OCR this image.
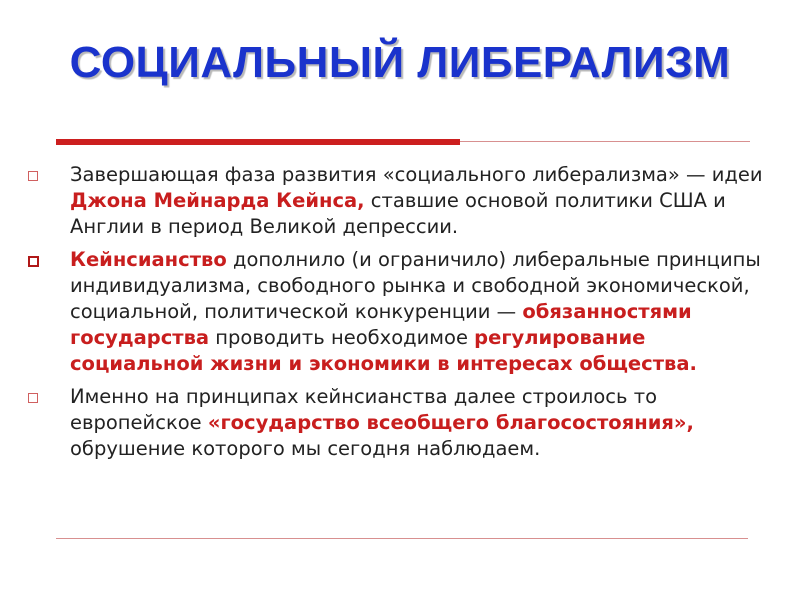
СОЦИАЛЬНЫЙ ЛИБЕРАЛИЗМ
Завершающая фаза развития «социального либерализма» — идеи Джона Мейнарда Кейнса, ставшие основой политики США и Англии в период Великой депрессии.
Кейнсианство дополнило (и ограничило) либеральные принципы индивидуализма, свободного рынка и свободной экономической, социальной, политической конкуренции — обязанностями государства проводить необходимое регулирование социальной жизни и экономики в интересах общества.
Именно на принципах кейнсианства далее строилось то европейское «государство всеобщего благосостояния», обрушение которого мы сегодня наблюдаем.
